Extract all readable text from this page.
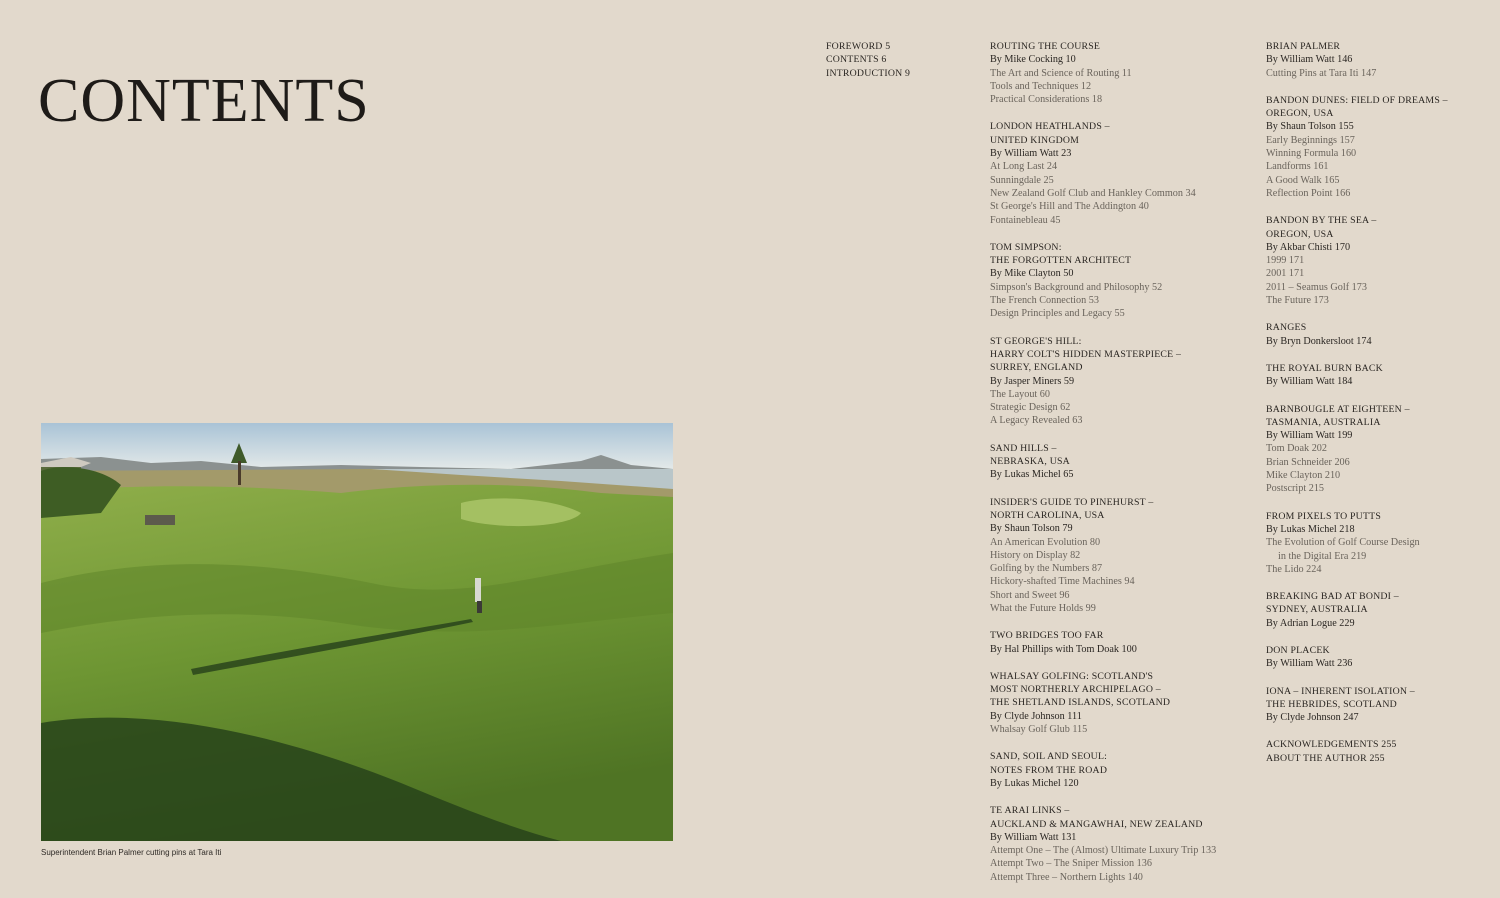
CONTENTS
Superintendent Brian Palmer cutting pins at Tara Iti
FOREWORD 5
CONTENTS 6
INTRODUCTION 9
ROUTING THE COURSE
By Mike Cocking 10
The Art and Science of Routing 11
Tools and Techniques 12
Practical Considerations 18
LONDON HEATHLANDS –
UNITED KINGDOM
By William Watt 23
At Long Last 24
Sunningdale 25
New Zealand Golf Club and Hankley Common 34
St George's Hill and The Addington 40
Fontainebleau 45
TOM SIMPSON:
THE FORGOTTEN ARCHITECT
By Mike Clayton 50
Simpson's Background and Philosophy 52
The French Connection 53
Design Principles and Legacy 55
ST GEORGE'S HILL:
HARRY COLT'S HIDDEN MASTERPIECE –
SURREY, ENGLAND
By Jasper Miners 59
The Layout 60
Strategic Design 62
A Legacy Revealed 63
SAND HILLS –
NEBRASKA, USA
By Lukas Michel 65
INSIDER'S GUIDE TO PINEHURST –
NORTH CAROLINA, USA
By Shaun Tolson 79
An American Evolution 80
History on Display 82
Golfing by the Numbers 87
Hickory-shafted Time Machines 94
Short and Sweet 96
What the Future Holds 99
TWO BRIDGES TOO FAR
By Hal Phillips with Tom Doak 100
WHALSAY GOLFING: SCOTLAND'S
MOST NORTHERLY ARCHIPELAGO –
THE SHETLAND ISLANDS, SCOTLAND
By Clyde Johnson 111
Whalsay Golf Glub 115
SAND, SOIL AND SEOUL:
NOTES FROM THE ROAD
By Lukas Michel 120
TE ARAI LINKS –
AUCKLAND & MANGAWHAI, NEW ZEALAND
By William Watt 131
Attempt One – The (Almost) Ultimate Luxury Trip 133
Attempt Two – The Sniper Mission 136
Attempt Three – Northern Lights 140
BRIAN PALMER
By William Watt 146
Cutting Pins at Tara Iti 147
BANDON DUNES: FIELD OF DREAMS –
OREGON, USA
By Shaun Tolson 155
Early Beginnings 157
Winning Formula 160
Landforms 161
A Good Walk 165
Reflection Point 166
BANDON BY THE SEA –
OREGON, USA
By Akbar Chisti 170
1999 171
2001 171
2011 – Seamus Golf 173
The Future 173
RANGES
By Bryn Donkersloot 174
THE ROYAL BURN BACK
By William Watt 184
BARNBOUGLE AT EIGHTEEN –
TASMANIA, AUSTRALIA
By William Watt 199
Tom Doak 202
Brian Schneider 206
Mike Clayton 210
Postscript 215
FROM PIXELS TO PUTTS
By Lukas Michel 218
The Evolution of Golf Course Design
in the Digital Era 219
The Lido 224
BREAKING BAD AT BONDI –
SYDNEY, AUSTRALIA
By Adrian Logue 229
DON PLACEK
By William Watt 236
IONA – INHERENT ISOLATION –
THE HEBRIDES, SCOTLAND
By Clyde Johnson 247
ACKNOWLEDGEMENTS 255
ABOUT THE AUTHOR 255
